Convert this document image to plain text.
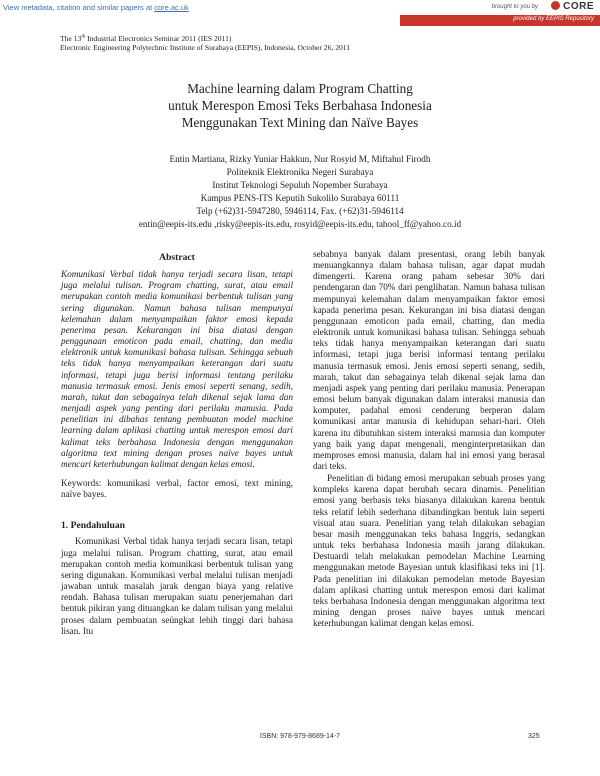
View metadata, citation and similar papers at core.ac.uk	brought to you by	CORE
provided by EEPIS Repository
The 13th Industrial Electronics Seminar 2011 (IES 2011)
Electronic Engineering Polytechnic Institute of Surabaya (EEPIS), Indonesia, October 26, 2011
Machine learning dalam Program Chatting
untuk Merespon Emosi Teks Berbahasa Indonesia
Menggunakan Text Mining dan Naïve Bayes
Entin Martiana, Rizky Yuniar Hakkun, Nur Rosyid M, Miftahul Firodh
Politeknik Elektronika Negeri Surabaya
Institut Teknologi Sepuluh Nopember Surabaya
Kampus PENS-ITS Keputih Sukolilo Surabaya 60111
Telp (+62)31-5947280, 5946114, Fax. (+62)31-5946114
entin@eepis-its.edu ,risky@eepis-its.edu, rosyid@eepis-its.edu, tahool_ff@yahoo.co.id
Abstract

Komunikasi Verbal tidak hanya terjadi secara lisan, tetapi juga melalui tulisan. Program chatting, surat, atau email merupakan contoh media komunikasi berbentuk tulisan yang sering digunakan. Namun bahasa tulisan mempunyai kelemahan dalam menyampaikan faktor emosi kepada penerima pesan. Kekurangan ini bisa diatasi dengan penggunaan emoticon pada email, chatting, dan media elektronik untuk komunikasi bahasa tulisan. Sehingga sebuah teks tidak hanya menyampaikan keterangan dari suatu informasi, tetapi juga berisi informasi tentang perilaku manusia termasuk emosi. Jenis emosi seperti senang, sedih, marah, takut dan sebagainya telah dikenal sejak lama dan menjadi aspek yang penting dari perilaku manusia. Pada penelitian ini dibahas tentang pembuatan model machine learning dalam aplikasi chatting untuk merespon emosi dari kalimat teks berbahasa Indonesia dengan menggunakan algoritma text mining dengan proses naïve bayes untuk mencari keterhubungan kalimat dengan kelas emosi.

Keywords: komunikasi verbal, factor emosi, text mining, naïve bayes.

1. Pendahuluan

Komunikasi Verbal tidak hanya terjadi secara lisan, tetapi juga melalui tulisan. Program chatting, surat, atau email merupakan contoh media komunikasi berbentuk tulisan yang sering digunakan. Komunikasi verbal melalui tulisan menjadi jawaban untuk masalah jarak dengan biaya yang relative rendah. Bahasa tulisan merupakan suatu penerjemahan dari bentuk pikiran yang dituangkan ke dalam tulisan yang melalui proses dalam pembuatan seüngkat lebih tinggi dari bahasa lisan. Itu

sebabnya banyak dalam presentasi, orang lebih banyak menuangkannya dalam bahasa tulisan, agar dapat mudah dimengerti. Karena orang paham sebesar 30% dari pendengaran dan 70% dari penglihatan. Namun bahasa tulisan mempunyai kelemahan dalam menyampaikan faktor emosi kapada penerima pesan. Kekurangan ini bisa diatasi dengan penggunaan emoticon pada email, chatting, dan media elektronik untuk komunikasi bahasa tulisan. Sehingga sebuah teks tidak hanya menyampaikan keterangan dari suatu informasi, tetapi juga berisi informasi tentang perilaku manusia termasuk emosi. Jenis emosi seperti senang, sedih, marah, takut dan sebagainya telah dikenal sejak lama dan menjadi aspek yang penting dari perilaku manusia. Penerapan emosi belum banyak digunakan dalam interaksi manusia dan komputer, padahal emosi cenderung berperan dalam komunikasi antar manusia di kehidupan sehari-hari. Oleh karena itu dibutuhkan sistem interaksi manusia dan komputer yang baik yang dapat mengenali, menginterpretasikan dan memproses emosi manusia, dalam hal ini emosi yang berasal dari teks.

Penelitian di bidang emosi merupakan sebuah proses yang kompleks karena dapat berubah secara dinamis. Penelitian emosi yang berbasis teks biasanya dilakukan karena bentuk teks relatif lebih sederhana dibandingkan bentuk lain seperti visual atau suara. Penelitian yang telah dilakukan sebagian besar masih menggunakan teks bahasa Inggris, sedangkan untuk teks berbahasa Indonesia masih jarang dilakukan. Destuardi telah melakukan pemodelan Machine Learning menggunakan metode Bayesian untuk klasifikasi teks ini [1]. Pada penelitian ini dilakukan pemodelan metode Bayesian dalam aplikasi chatting untuk merespon emosi dari kalimat teks berbahasa Indonesia dengan menggunakan algoritma text mining dengan proses naïve bayes untuk mencari keterhubungan kalimat dengan kelas emosi.

ISBN: 978-979-8689-14-7	325
